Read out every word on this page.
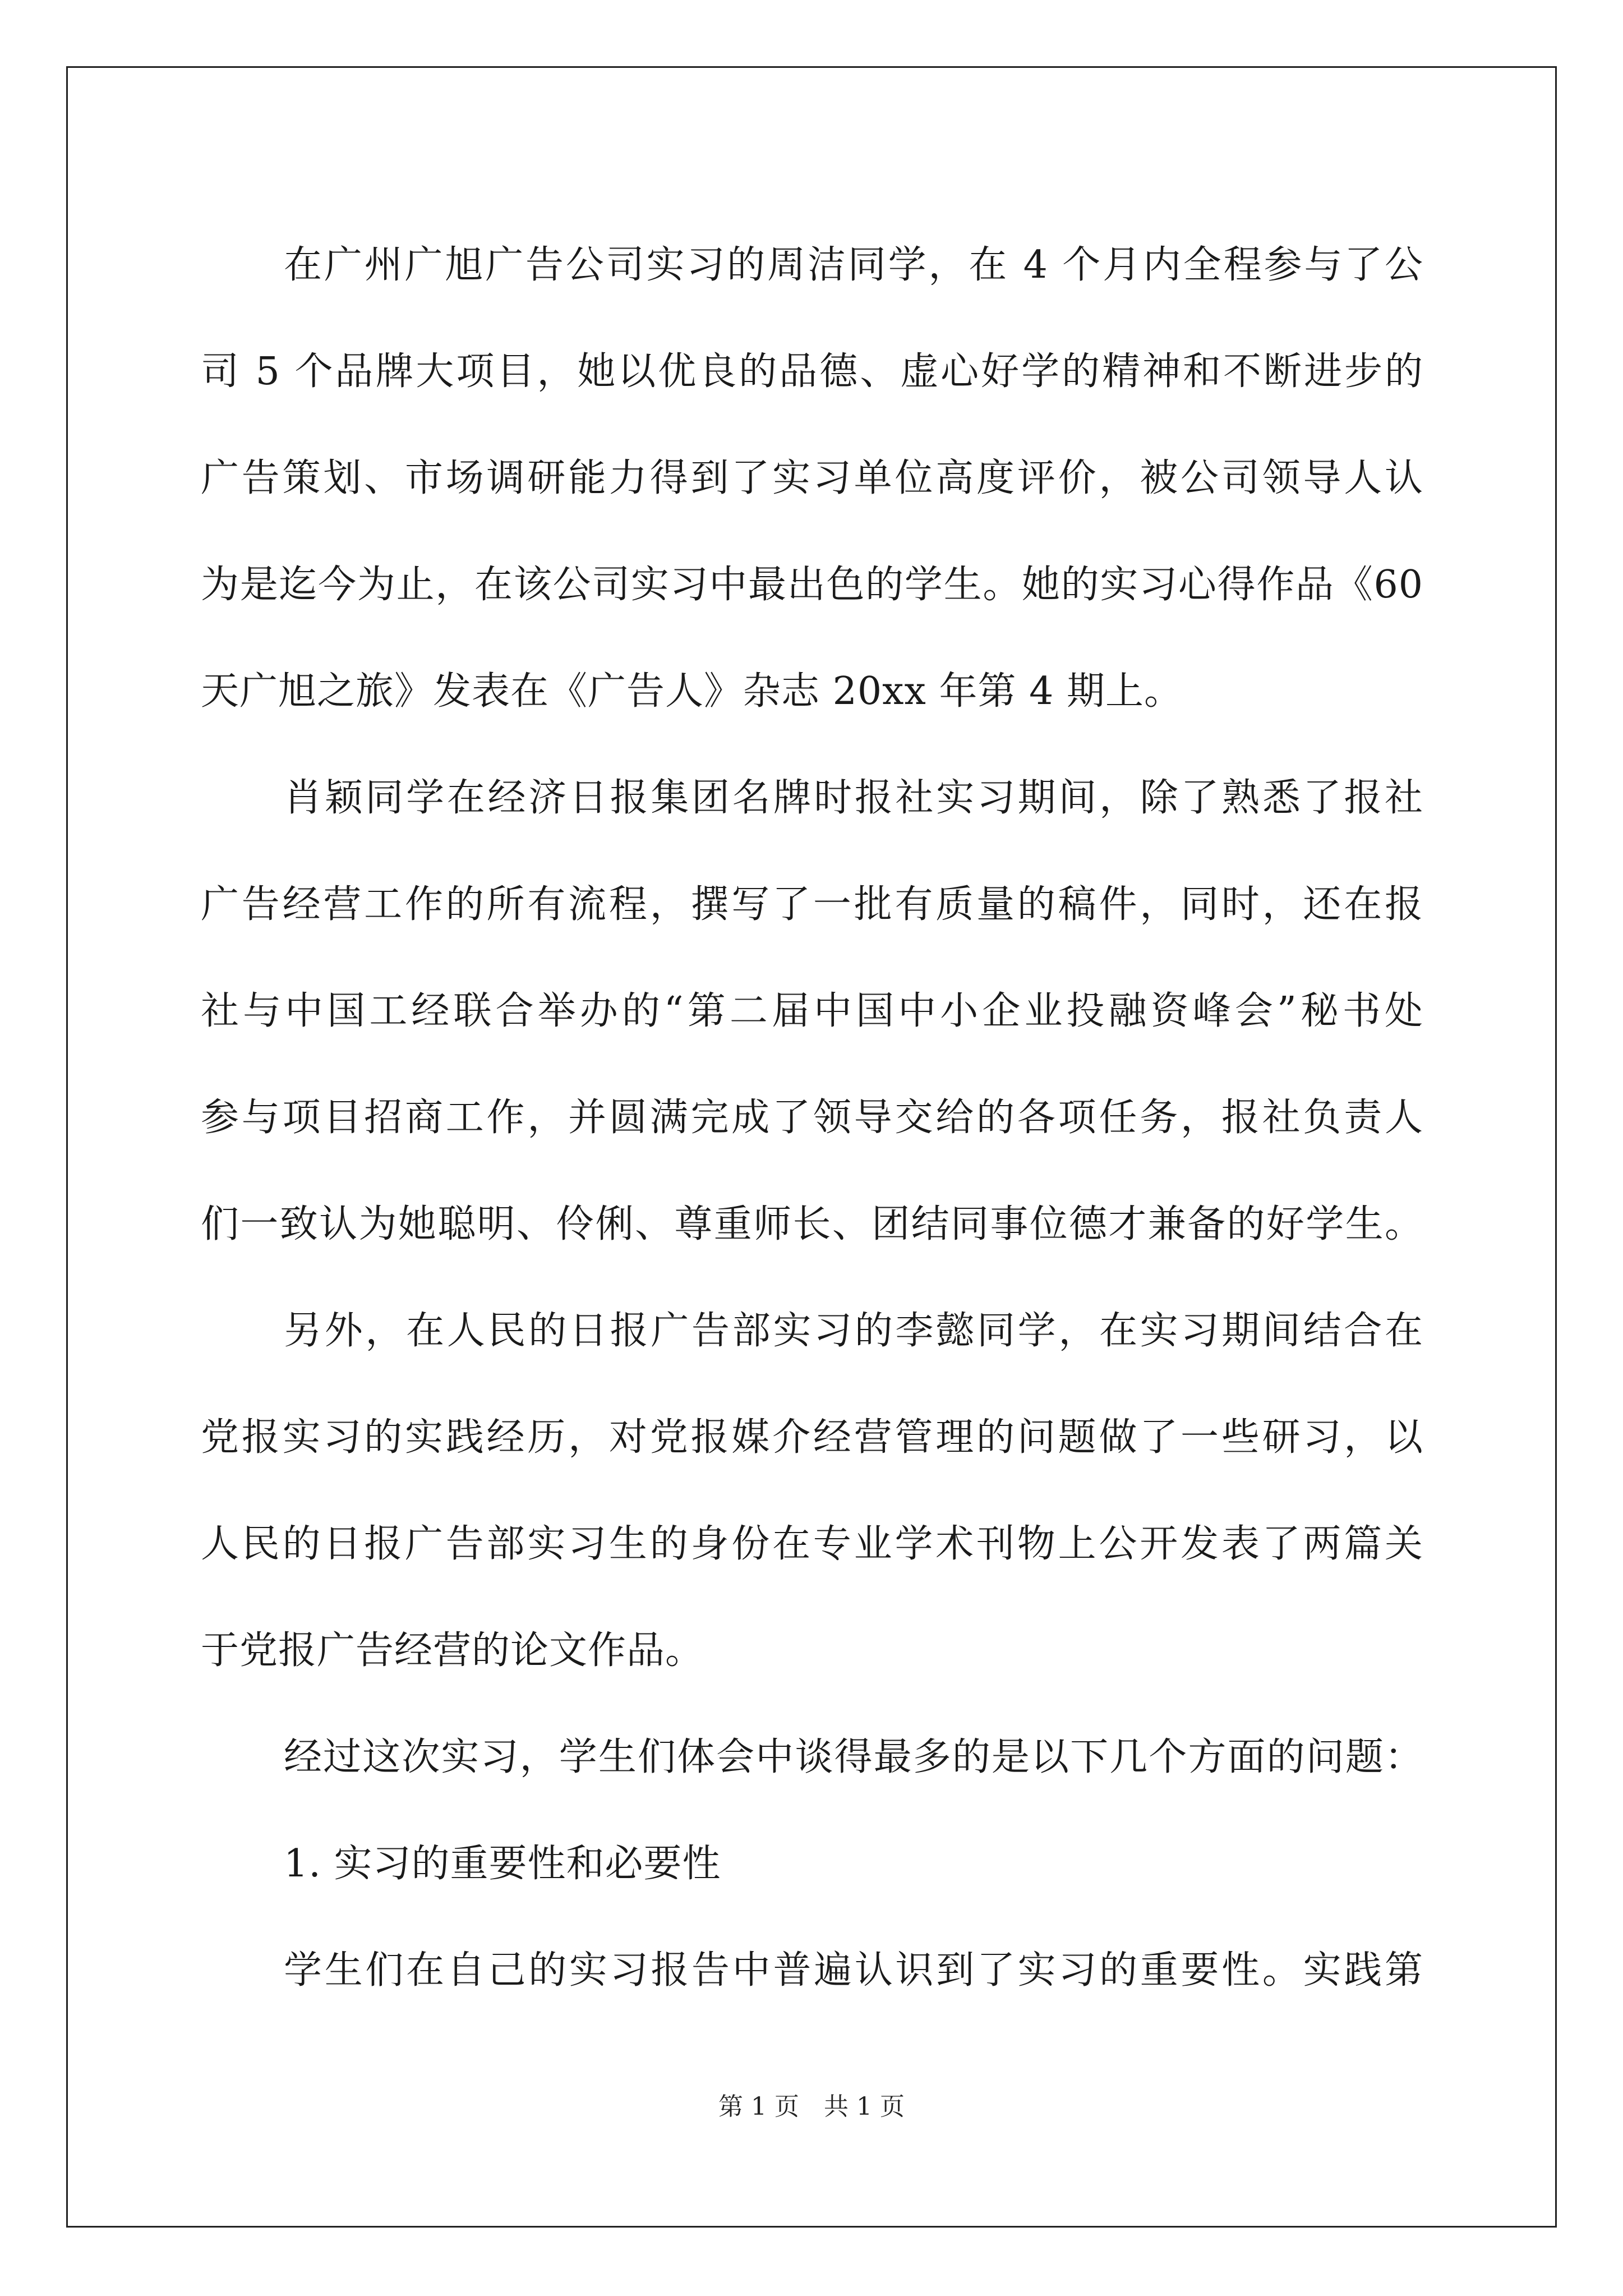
在广州广旭广告公司实习的周洁同学，在 4 个月内全程参与了公
司 5 个品牌大项目，她以优良的品德、虚心好学的精神和不断进步的
广告策划、市场调研能力得到了实习单位高度评价，被公司领导人认
为是迄今为止，在该公司实习中最出色的学生。她的实习心得作品《60
天广旭之旅》发表在《广告人》杂志 20xx 年第 4 期上。
肖颖同学在经济日报集团名牌时报社实习期间，除了熟悉了报社
广告经营工作的所有流程，撰写了一批有质量的稿件，同时，还在报
社与中国工经联合举办的“第二届中国中小企业投融资峰会”秘书处
参与项目招商工作，并圆满完成了领导交给的各项任务，报社负责人
们一致认为她聪明、伶俐、尊重师长、团结同事位德才兼备的好学生。
另外，在人民的日报广告部实习的李懿同学，在实习期间结合在
党报实习的实践经历，对党报媒介经营管理的问题做了一些研习，以
人民的日报广告部实习生的身份在专业学术刊物上公开发表了两篇关
于党报广告经营的论文作品。
经过这次实习，学生们体会中谈得最多的是以下几个方面的问题：
1. 实习的重要性和必要性
学生们在自己的实习报告中普遍认识到了实习的重要性。实践第
第 1 页　共 1 页
